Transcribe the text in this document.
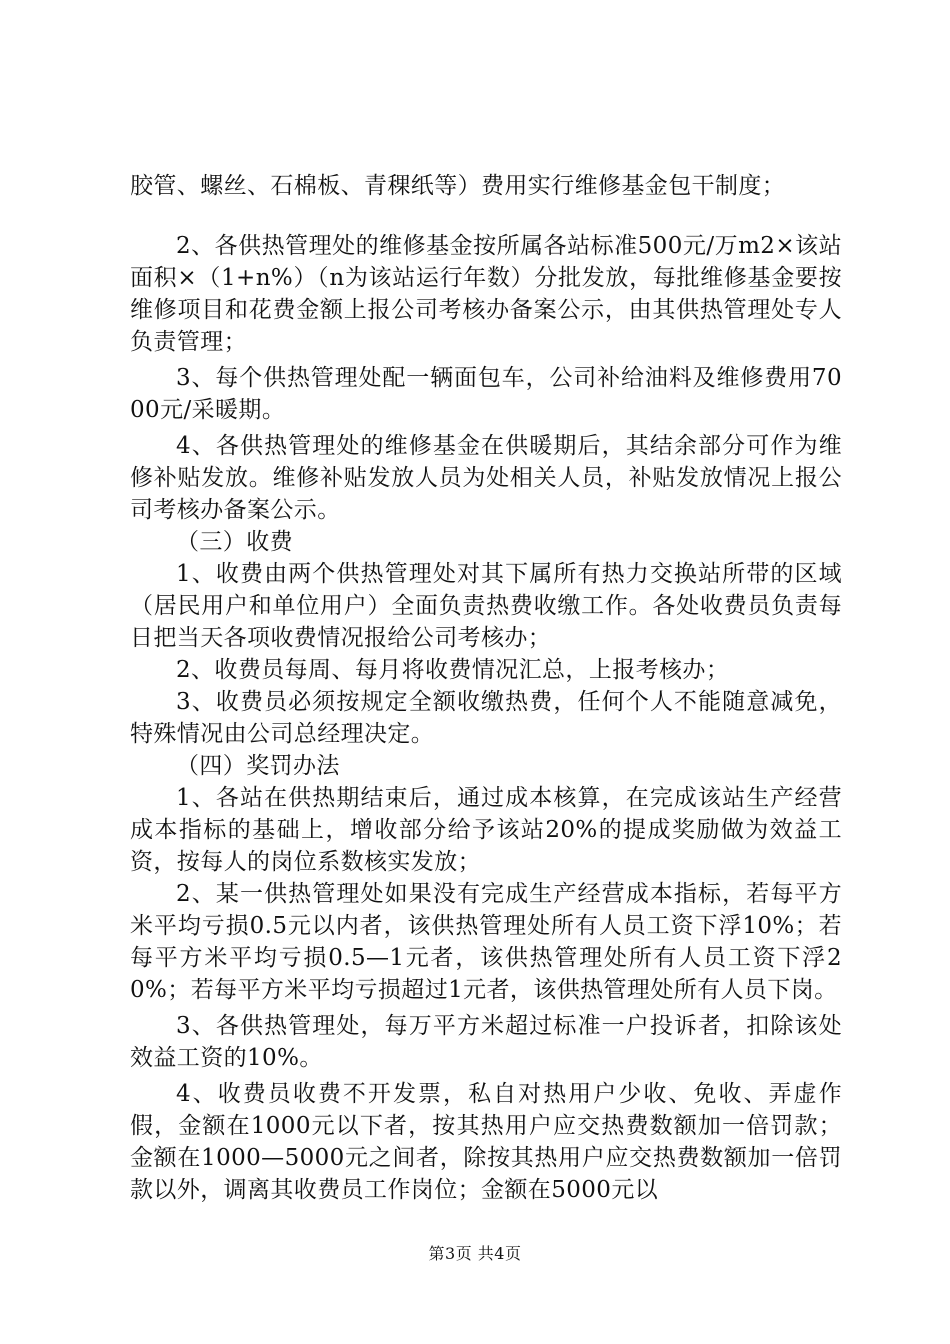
胶管、螺丝、石棉板、青稞纸等）费用实行维修基金包干制度；

2、各供热管理处的维修基金按所属各站标准500元/万m2×该站面积×（1+n%）（n为该站运行年数）分批发放，每批维修基金要按维修项目和花费金额上报公司考核办备案公示，由其供热管理处专人负责管理；

3、每个供热管理处配一辆面包车，公司补给油料及维修费用7000元/采暖期。

4、各供热管理处的维修基金在供暖期后，其结余部分可作为维修补贴发放。维修补贴发放人员为处相关人员，补贴发放情况上报公司考核办备案公示。

（三）收费

1、收费由两个供热管理处对其下属所有热力交换站所带的区域（居民用户和单位用户）全面负责热费收缴工作。各处收费员负责每日把当天各项收费情况报给公司考核办；

2、收费员每周、每月将收费情况汇总，上报考核办；

3、收费员必须按规定全额收缴热费，任何个人不能随意减免，特殊情况由公司总经理决定。

（四）奖罚办法

1、各站在供热期结束后，通过成本核算，在完成该站生产经营成本指标的基础上，增收部分给予该站20%的提成奖励做为效益工资，按每人的岗位系数核实发放；

2、某一供热管理处如果没有完成生产经营成本指标，若每平方米平均亏损0.5元以内者，该供热管理处所有人员工资下浮10%；若每平方米平均亏损0.5—1元者，该供热管理处所有人员工资下浮20%；若每平方米平均亏损超过1元者，该供热管理处所有人员下岗。

3、各供热管理处，每万平方米超过标准一户投诉者，扣除该处效益工资的10%。

4、收费员收费不开发票，私自对热用户少收、免收、弄虚作假，金额在1000元以下者，按其热用户应交热费数额加一倍罚款；金额在1000—5000元之间者，除按其热用户应交热费数额加一倍罚款以外，调离其收费员工作岗位；金额在5000元以

第3页 共4页
